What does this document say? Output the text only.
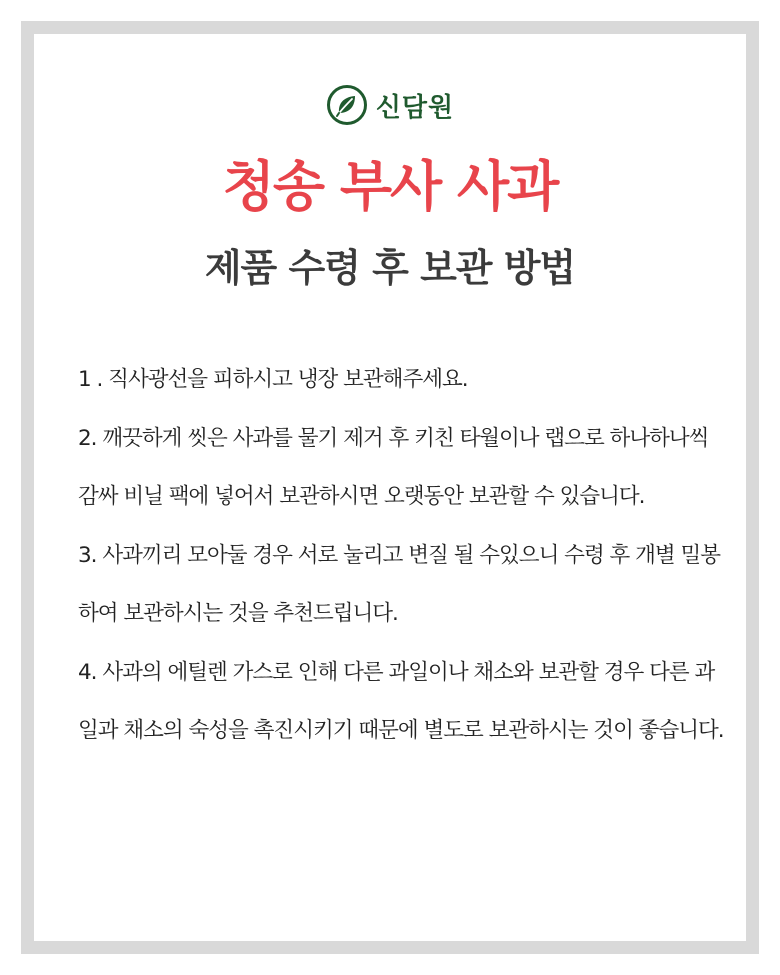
신담원
청송 부사 사과
제품 수령 후 보관 방법
1 . 직사광선을 피하시고 냉장 보관해주세요.
2. 깨끗하게 씻은 사과를 물기 제거 후 키친 타월이나 랩으로 하나하나씩 감싸 비닐 팩에 넣어서 보관하시면 오랫동안 보관할 수 있습니다.
3. 사과끼리 모아둘 경우 서로 눌리고 변질 될 수있으니 수령 후 개별 밀봉하여 보관하시는 것을 추천드립니다.
4. 사과의 에틸렌 가스로 인해 다른 과일이나 채소와 보관할 경우 다른 과일과 채소의 숙성을 촉진시키기 때문에 별도로 보관하시는 것이 좋습니다.
